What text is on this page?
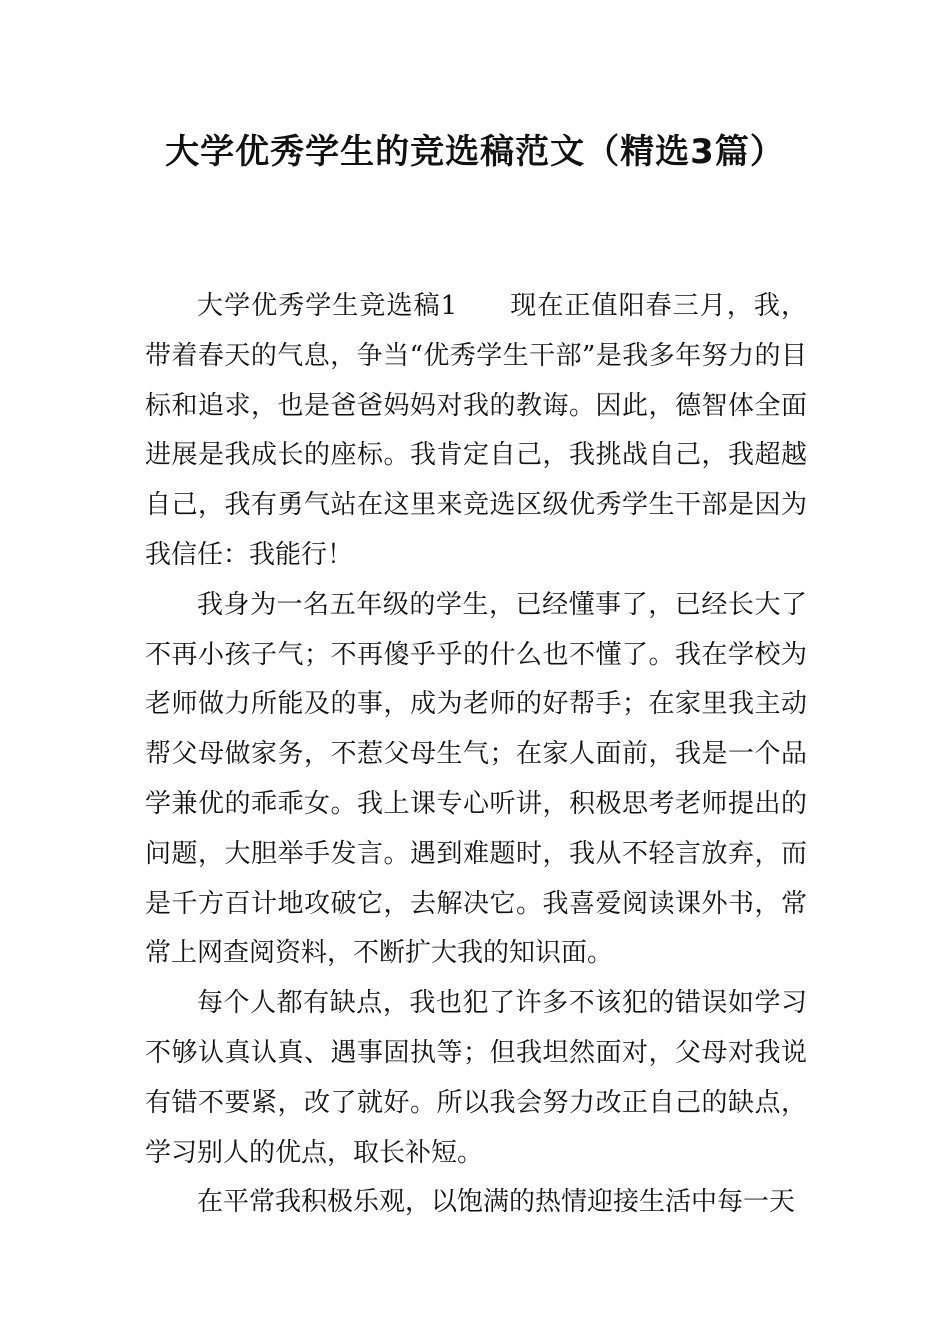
大学优秀学生的竞选稿范文（精选3篇）

大学优秀学生竞选稿1 现在正值阳春三月，我，带着春天的气息，争当“优秀学生干部”是我多年努力的目标和追求，也是爸爸妈妈对我的教诲。因此，德智体全面进展是我成长的座标。我肯定自己，我挑战自己，我超越自己，我有勇气站在这里来竞选区级优秀学生干部是因为我信任：我能行！

我身为一名五年级的学生，已经懂事了，已经长大了不再小孩子气；不再傻乎乎的什么也不懂了。我在学校为老师做力所能及的事，成为老师的好帮手；在家里我主动帮父母做家务，不惹父母生气；在家人面前，我是一个品学兼优的乖乖女。我上课专心听讲，积极思考老师提出的问题，大胆举手发言。遇到难题时，我从不轻言放弃，而是千方百计地攻破它，去解决它。我喜爱阅读课外书，常常上网查阅资料，不断扩大我的知识面。

每个人都有缺点，我也犯了许多不该犯的错误如学习不够认真认真、遇事固执等；但我坦然面对，父母对我说有错不要紧，改了就好。所以我会努力改正自己的缺点，学习别人的优点，取长补短。

在平常我积极乐观，以饱满的热情迎接生活中每一天
